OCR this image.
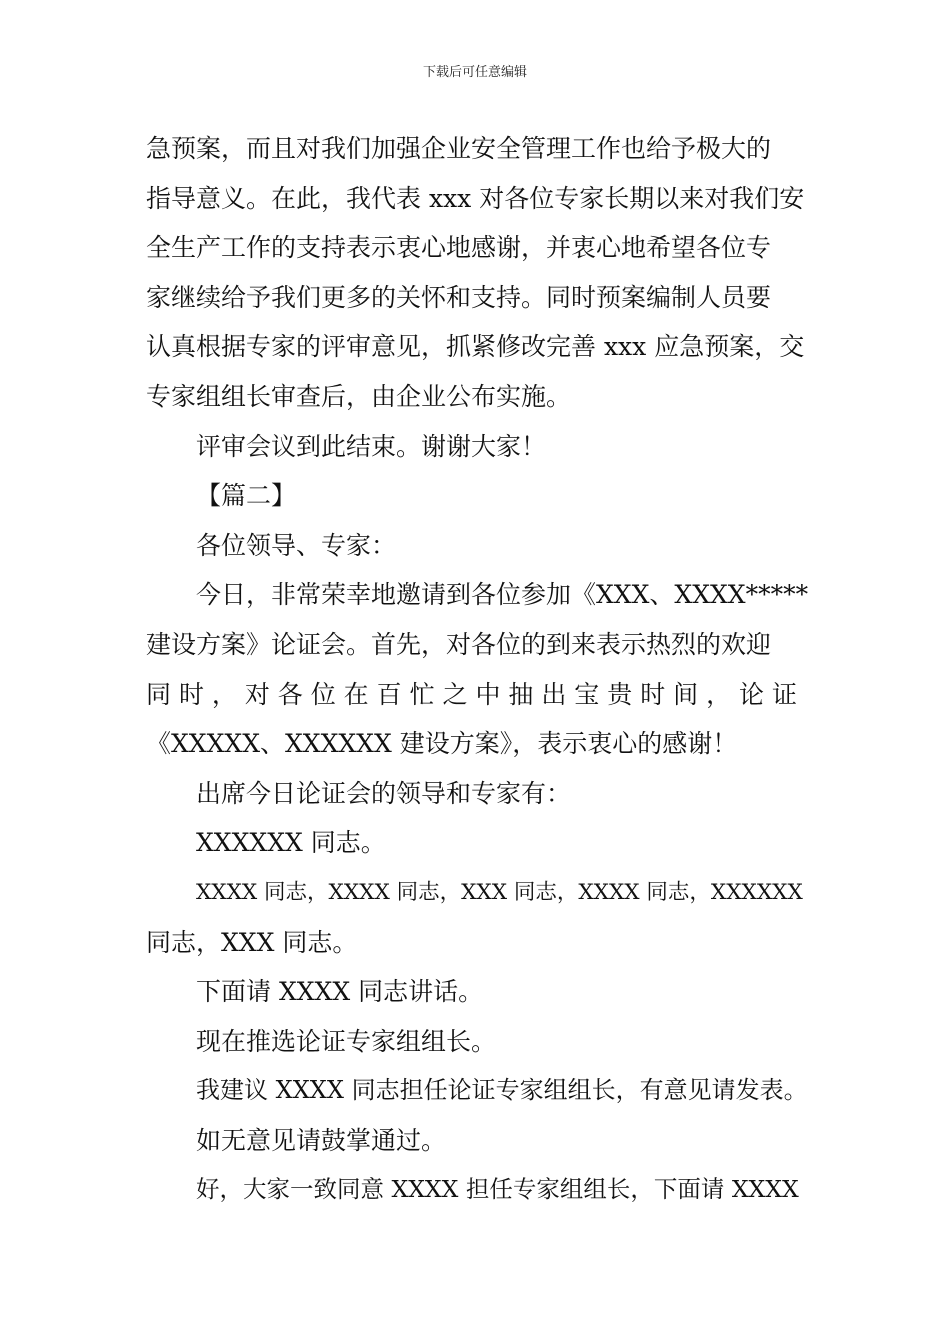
下载后可任意编辑
急预案，而且对我们加强企业安全管理工作也给予极大的
指导意义。在此，我代表 xxx 对各位专家长期以来对我们安
全生产工作的支持表示衷心地感谢，并衷心地希望各位专
家继续给予我们更多的关怀和支持。同时预案编制人员要
认真根据专家的评审意见，抓紧修改完善 xxx 应急预案，交
专家组组长审查后，由企业公布实施。
评审会议到此结束。谢谢大家！
【篇二】
各位领导、专家：
今日，非常荣幸地邀请到各位参加《XXX、XXXX*****
建设方案》论证会。首先，对各位的到来表示热烈的欢迎
同 时 ， 对 各 位 在 百 忙 之 中 抽 出 宝 贵 时 间 ， 论 证
《XXXXX、XXXXXX 建设方案》，表示衷心的感谢！
出席今日论证会的领导和专家有：
XXXXXX 同志。
XXXX 同志，XXXX 同志，XXX 同志，XXXX 同志，XXXXXX
同志，XXX 同志。
下面请 XXXX 同志讲话。
现在推选论证专家组组长。
我建议 XXXX 同志担任论证专家组组长，有意见请发表。
如无意见请鼓掌通过。
好，大家一致同意 XXXX 担任专家组组长，下面请 XXXX
